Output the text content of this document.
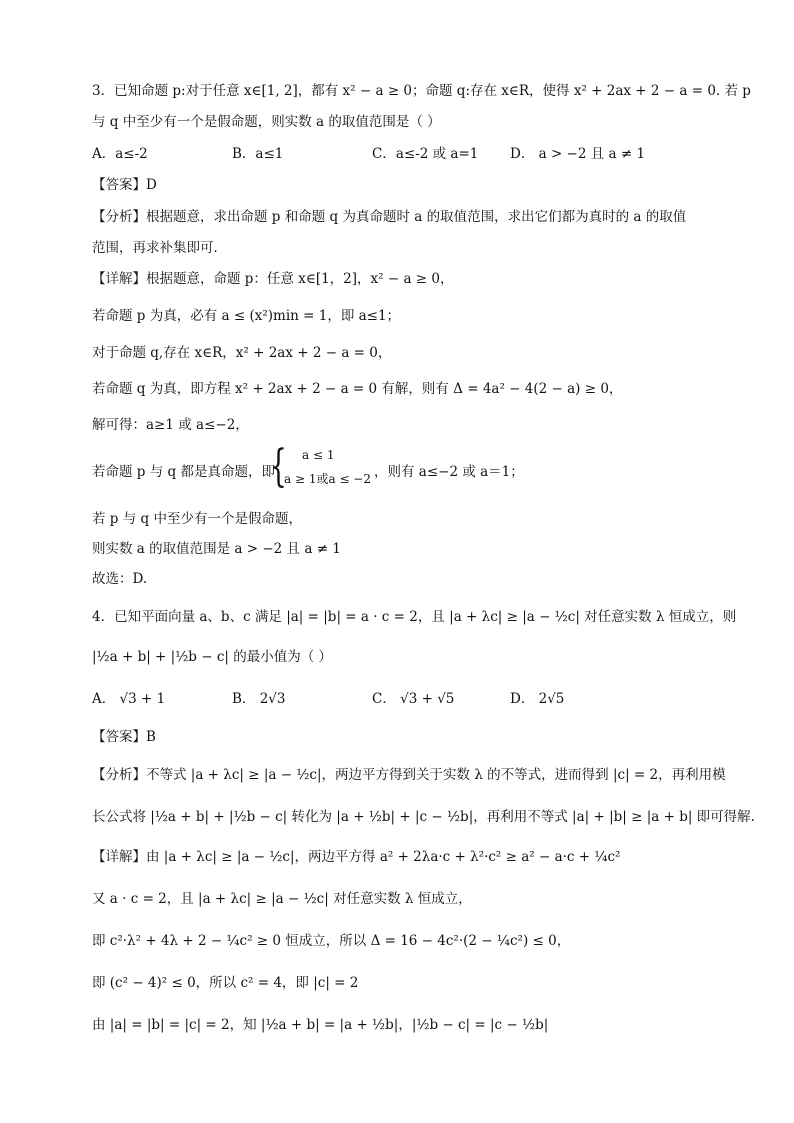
3．已知命题 p:对于任意 x∈[1, 2]，都有 x² − a ≥ 0；命题 q:存在 x∈R，使得 x² + 2ax + 2 − a = 0. 若 p
与 q 中至少有一个是假命题，则实数 a 的取值范围是（ ）
A．a≤-2	B．a≤1	C．a≤-2 或 a=1 D． a > −2 且 a ≠ 1
【答案】D
【分析】根据题意，求出命题 p 和命题 q 为真命题时 a 的取值范围，求出它们都为真时的 a 的取值
范围，再求补集即可．
【详解】根据题意，命题 p：任意 x∈[1，2]，x² − a ≥ 0，
若命题 p 为真，必有 a ≤ (x²)min = 1，即 a≤1；
对于命题 q,存在 x∈R，x² + 2ax + 2 − a = 0，
若命题 q 为真，即方程 x² + 2ax + 2 − a = 0 有解，则有 Δ = 4a² − 4(2 − a) ≥ 0，
解可得：a≥1 或 a≤−2，
若命题 p 与 q 都是真命题，即
{ a ≤ 1
a ≥ 1或a ≤ −2 ，则有 a≤−2 或 a＝1；
若 p 与 q 中至少有一个是假命题，
则实数 a 的取值范围是 a > −2 且 a ≠ 1
故选：D.
4．已知平面向量 a、b、c 满足 |a| = |b| = a · c = 2，且 |a + λc| ≥ |a − ½c| 对任意实数 λ 恒成立，则
|½a + b| + |½b − c| 的最小值为（ ）
A． √3 + 1	B． 2√3	C． √3 + √5	D． 2√5
【答案】B
【分析】不等式 |a + λc| ≥ |a − ½c|，两边平方得到关于实数 λ 的不等式，进而得到 |c| = 2，再利用模
长公式将 |½a + b| + |½b − c| 转化为 |a + ½b| + |c − ½b|，再利用不等式 |a| + |b| ≥ |a + b| 即可得解.
【详解】由 |a + λc| ≥ |a − ½c|，两边平方得 a² + 2λa·c + λ²·c² ≥ a² − a·c + ¼c²
又 a · c = 2，且 |a + λc| ≥ |a − ½c| 对任意实数 λ 恒成立，
即 c²·λ² + 4λ + 2 − ¼c² ≥ 0 恒成立，所以 Δ = 16 − 4c²·(2 − ¼c²) ≤ 0，
即 (c² − 4)² ≤ 0，所以 c² = 4，即 |c| = 2
由 |a| = |b| = |c| = 2，知 |½a + b| = |a + ½b|，|½b − c| = |c − ½b|
